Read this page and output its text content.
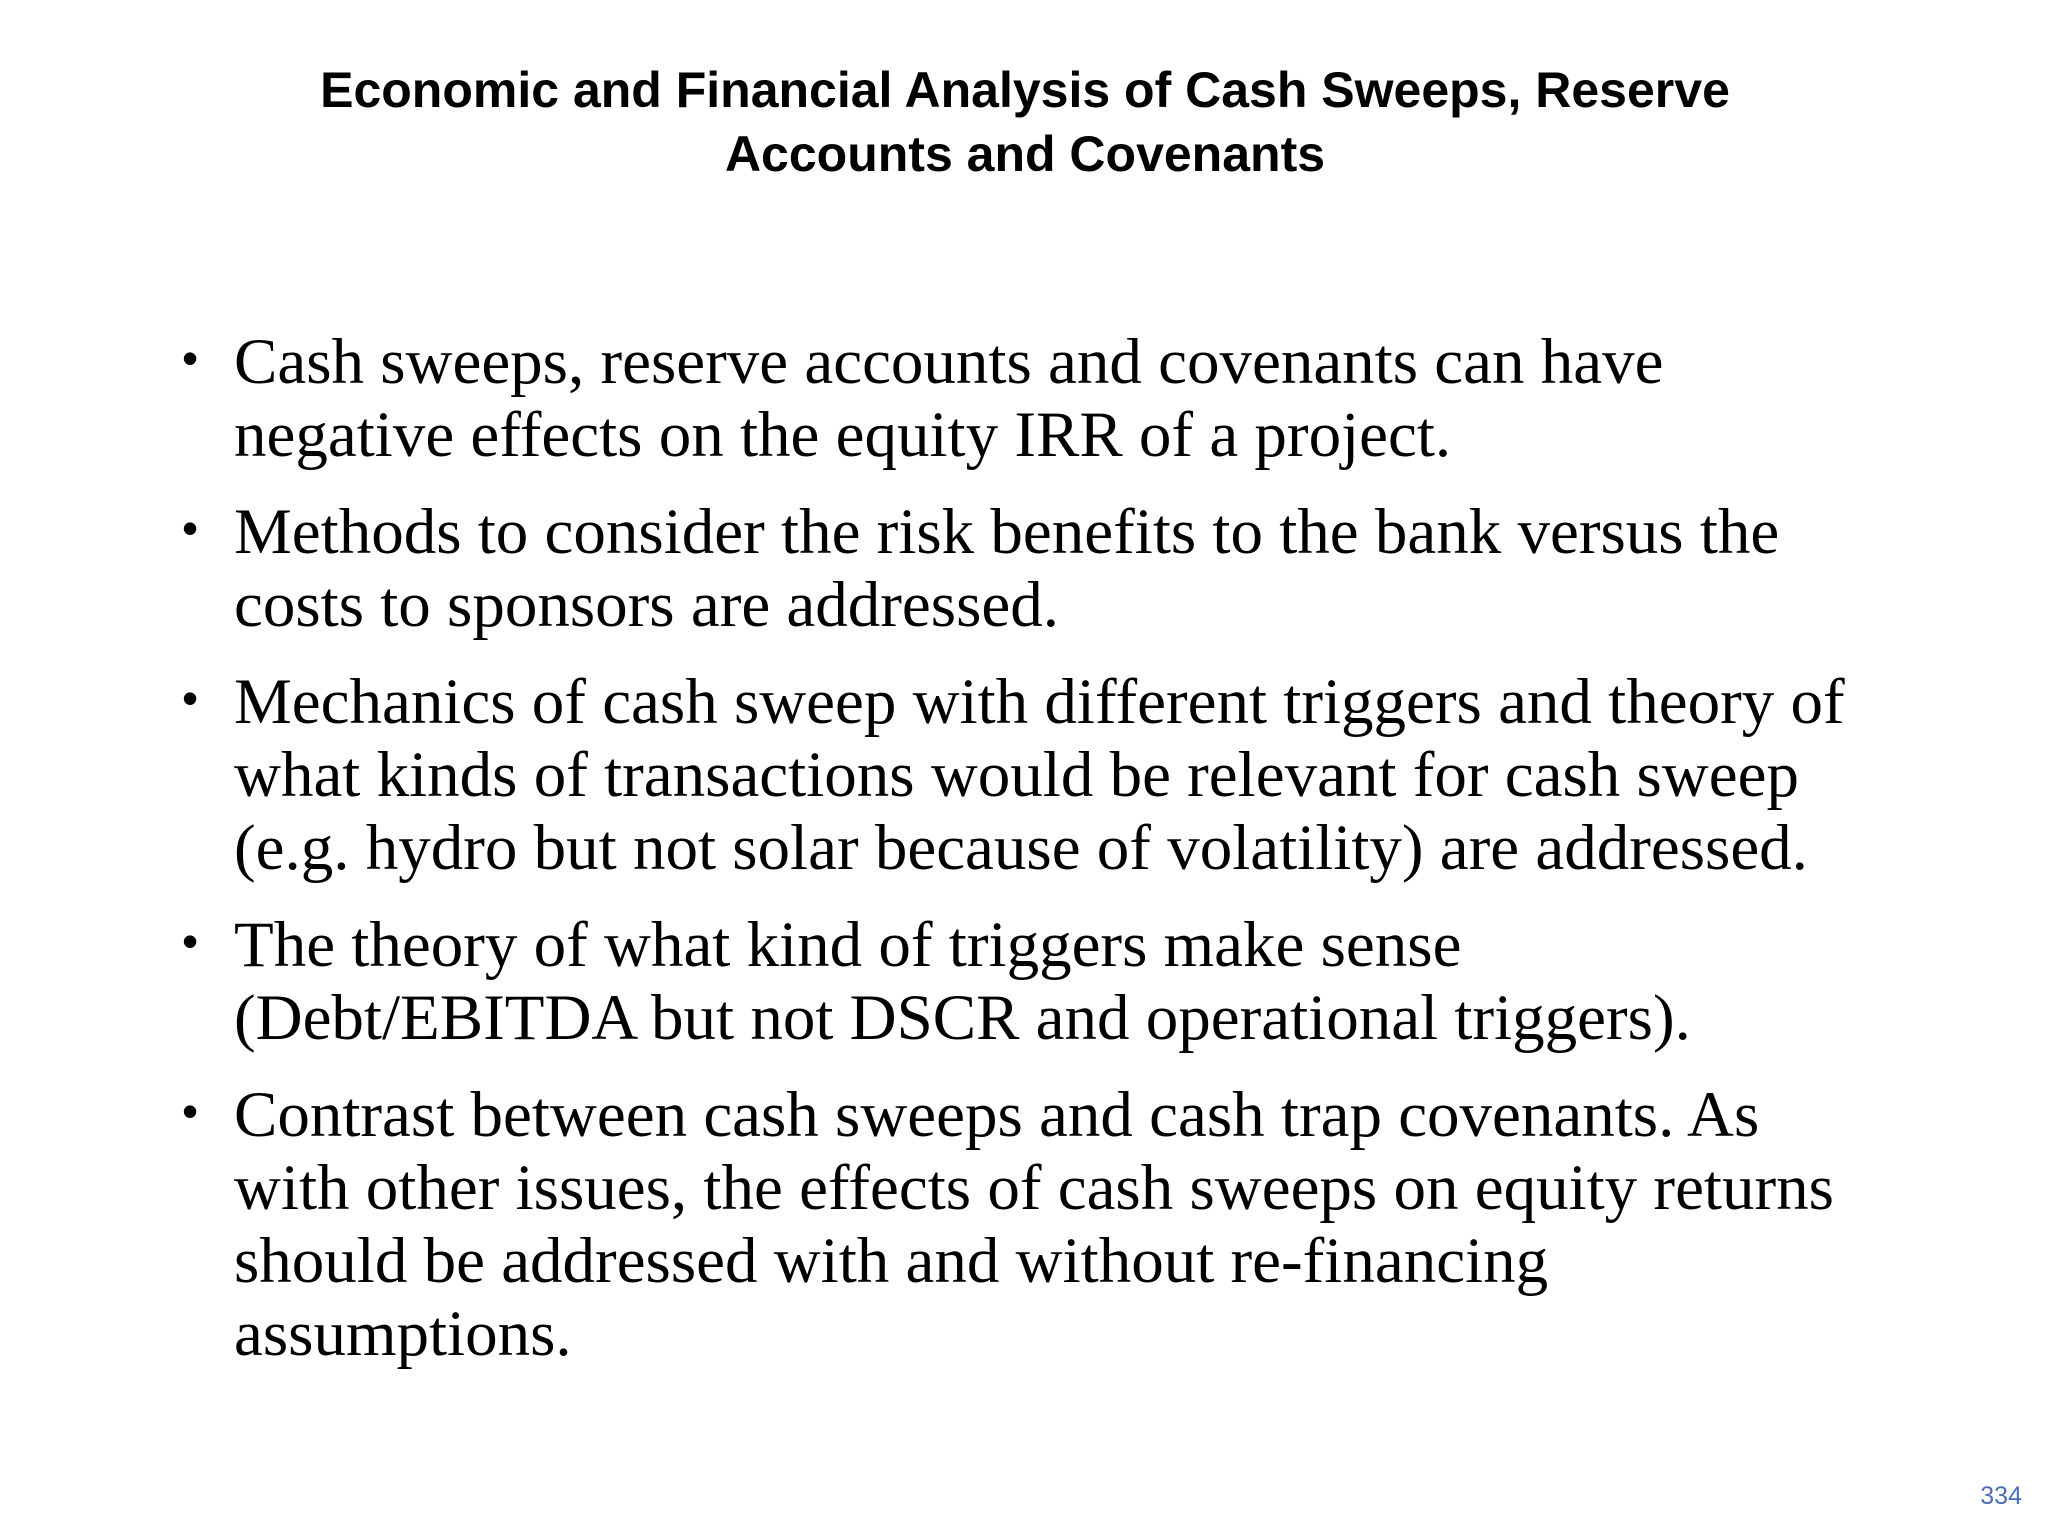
Economic and Financial Analysis of Cash Sweeps, Reserve
Accounts and Covenants
• Cash sweeps, reserve accounts and covenants can have
negative effects on the equity IRR of a project.
• Methods to consider the risk benefits to the bank versus the
costs to sponsors are addressed.
• Mechanics of cash sweep with different triggers and theory of
what kinds of transactions would be relevant for cash sweep
(e.g. hydro but not solar because of volatility) are addressed.
• The theory of what kind of triggers make sense
(Debt/EBITDA but not DSCR and operational triggers).
• Contrast between cash sweeps and cash trap covenants. As
with other issues, the effects of cash sweeps on equity returns
should be addressed with and without re-financing
assumptions.
334
